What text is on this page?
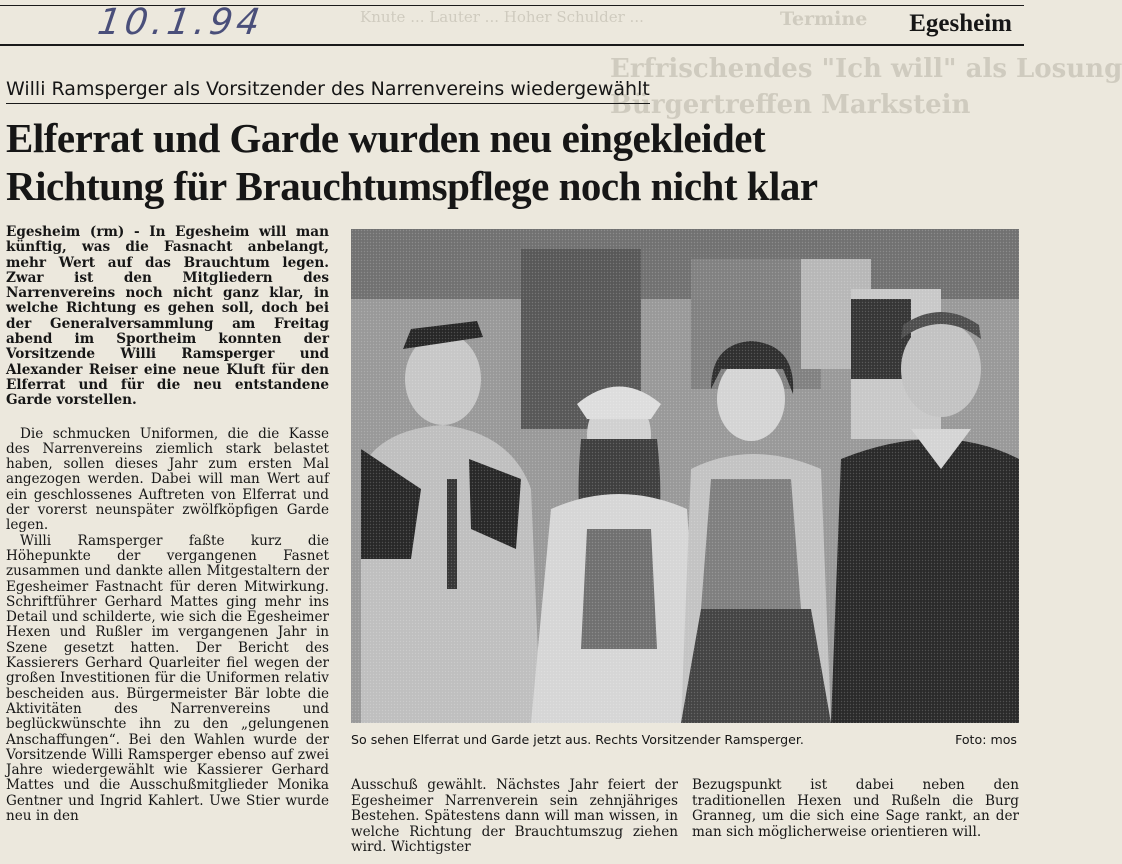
Knute ... Lauter ... Hoher Schulder ...	Termine
Erfrischendes "Ich will" als Losung
Bürgertreffen Markstein
10.1.94	Egesheim
Willi Ramsperger als Vorsitzender des Narrenvereins wiedergewählt
Elferrat und Garde wurden neu eingekleidet
Richtung für Brauchtumspflege noch nicht klar

Egesheim (rm) - In Egesheim will man künftig, was die Fasnacht anbelangt, mehr Wert auf das Brauchtum legen. Zwar ist den Mitgliedern des Narrenvereins noch nicht ganz klar, in welche Richtung es gehen soll, doch bei der Generalversammlung am Freitag abend im Sportheim konnten der Vorsitzende Willi Ramsperger und Alexander Reiser eine neue Kluft für den Elferrat und für die neu entstandene Garde vorstellen.

Die schmucken Uniformen, die die Kasse des Narrenvereins ziemlich stark belastet haben, sollen dieses Jahr zum ersten Mal angezogen werden. Dabei will man Wert auf ein geschlossenes Auftreten von Elferrat und der vorerst neunspäter zwölfköpfigen Garde legen.

Willi Ramsperger faßte kurz die Höhepunkte der vergangenen Fasnet zusammen und dankte allen Mitgestaltern der Egesheimer Fastnacht für deren Mitwirkung. Schriftführer Gerhard Mattes ging mehr ins Detail und schilderte, wie sich die Egesheimer Hexen und Rußler im vergangenen Jahr in Szene gesetzt hatten. Der Bericht des Kassierers Gerhard Quarleiter fiel wegen der großen Investitionen für die Uniformen relativ bescheiden aus. Bürgermeister Bär lobte die Aktivitäten des Narrenvereins und beglückwünschte ihn zu den „gelungenen Anschaffungen“. Bei den Wahlen wurde der Vorsitzende Willi Ramsperger ebenso auf zwei Jahre wiedergewählt wie Kassierer Gerhard Mattes und die Ausschußmitglieder Monika Gentner und Ingrid Kahlert. Uwe Stier wurde neu in den

So sehen Elferrat und Garde jetzt aus. Rechts Vorsitzender Ramsperger.	Foto: mos
Ausschuß gewählt. Nächstes Jahr feiert der Egesheimer Narrenverein sein zehnjähriges Bestehen. Spätestens dann will man wissen, in welche Richtung der Brauchtumszug ziehen wird. Wichtigster
Bezugspunkt ist dabei neben den traditionellen Hexen und Rußeln die Burg Granneg, um die sich eine Sage rankt, an der man sich möglicherweise orientieren will.
